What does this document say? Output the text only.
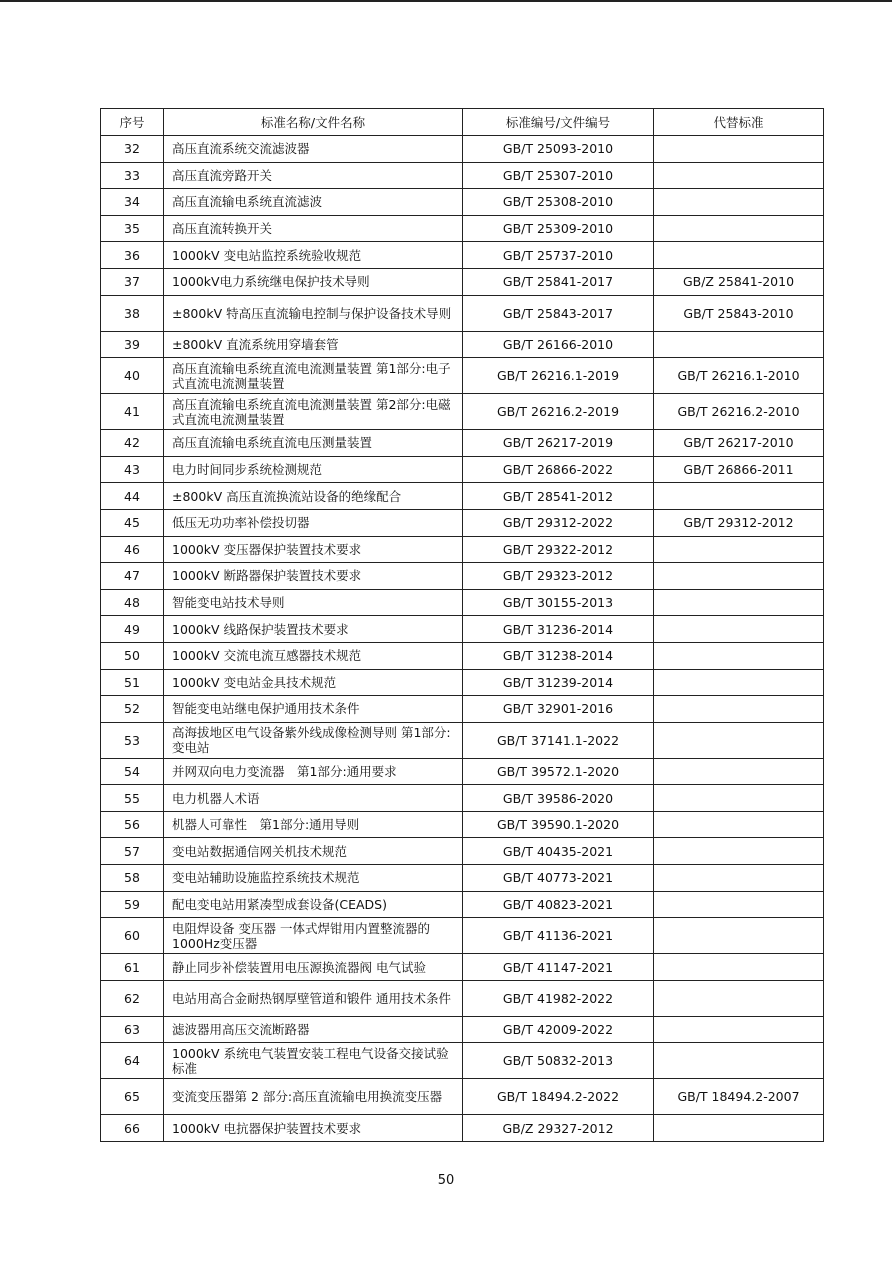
序号	标准名称/文件名称	标准编号/文件编号	代替标准
32	高压直流系统交流滤波器	GB/T 25093-2010	
33	高压直流旁路开关	GB/T 25307-2010	
34	高压直流输电系统直流滤波	GB/T 25308-2010	
35	高压直流转换开关	GB/T 25309-2010	
36	1000kV 变电站监控系统验收规范	GB/T 25737-2010	
37	1000kV电力系统继电保护技术导则	GB/T 25841-2017	GB/Z 25841-2010
38	±800kV 特高压直流输电控制与保护设备技术导则	GB/T 25843-2017	GB/T 25843-2010
39	±800kV 直流系统用穿墙套管	GB/T 26166-2010	
40	高压直流输电系统直流电流测量装置 第1部分:电子式直流电流测量装置	GB/T 26216.1-2019	GB/T 26216.1-2010
41	高压直流输电系统直流电流测量装置 第2部分:电磁式直流电流测量装置	GB/T 26216.2-2019	GB/T 26216.2-2010
42	高压直流输电系统直流电压测量装置	GB/T 26217-2019	GB/T 26217-2010
43	电力时间同步系统检测规范	GB/T 26866-2022	GB/T 26866-2011
44	±800kV 高压直流换流站设备的绝缘配合	GB/T 28541-2012	
45	低压无功功率补偿投切器	GB/T 29312-2022	GB/T 29312-2012
46	1000kV 变压器保护装置技术要求	GB/T 29322-2012	
47	1000kV 断路器保护装置技术要求	GB/T 29323-2012	
48	智能变电站技术导则	GB/T 30155-2013	
49	1000kV 线路保护装置技术要求	GB/T 31236-2014	
50	1000kV 交流电流互感器技术规范	GB/T 31238-2014	
51	1000kV 变电站金具技术规范	GB/T 31239-2014	
52	智能变电站继电保护通用技术条件	GB/T 32901-2016	
53	高海拔地区电气设备紫外线成像检测导则 第1部分:变电站	GB/T 37141.1-2022	
54	并网双向电力变流器　第1部分:通用要求	GB/T 39572.1-2020	
55	电力机器人术语	GB/T 39586-2020	
56	机器人可靠性　第1部分:通用导则	GB/T 39590.1-2020	
57	变电站数据通信网关机技术规范	GB/T 40435-2021	
58	变电站辅助设施监控系统技术规范	GB/T 40773-2021	
59	配电变电站用紧凑型成套设备(CEADS)	GB/T 40823-2021	
60	电阻焊设备 变压器 一体式焊钳用内置整流器的1000Hz变压器	GB/T 41136-2021	
61	静止同步补偿装置用电压源换流器阀 电气试验	GB/T 41147-2021	
62	电站用高合金耐热钢厚壁管道和锻件 通用技术条件	GB/T 41982-2022	
63	滤波器用高压交流断路器	GB/T 42009-2022	
64	1000kV 系统电气装置安装工程电气设备交接试验标准	GB/T 50832-2013	
65	变流变压器第 2 部分:高压直流输电用换流变压器	GB/T 18494.2-2022	GB/T 18494.2-2007
66	1000kV 电抗器保护装置技术要求	GB/Z 29327-2012	
50
